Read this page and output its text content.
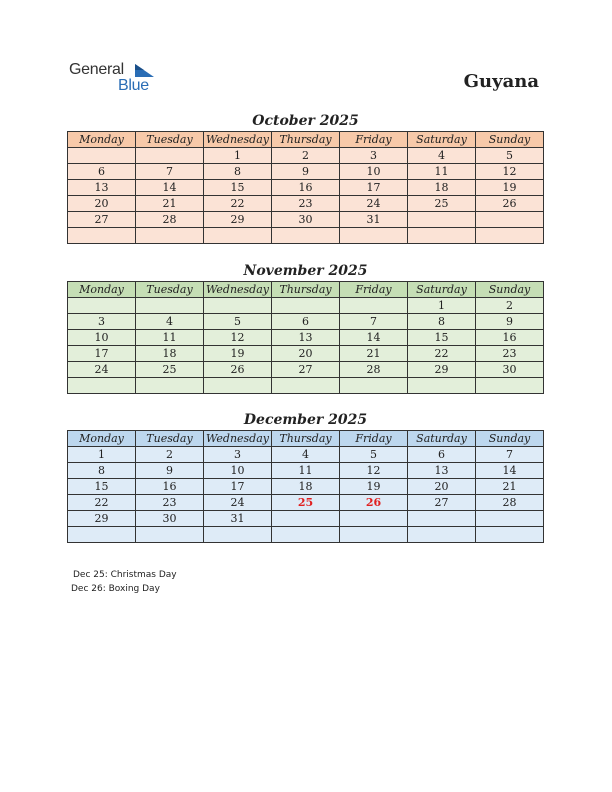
General
Blue	Guyana
October 2025
Monday	Tuesday	Wednesday	Thursday	Friday	Saturday	Sunday
		1	2	3	4	5
6	7	8	9	10	11	12
13	14	15	16	17	18	19
20	21	22	23	24	25	26
27	28	29	30	31		

November 2025
Monday	Tuesday	Wednesday	Thursday	Friday	Saturday	Sunday
					1	2
3	4	5	6	7	8	9
10	11	12	13	14	15	16
17	18	19	20	21	22	23
24	25	26	27	28	29	30

December 2025
Monday	Tuesday	Wednesday	Thursday	Friday	Saturday	Sunday
1	2	3	4	5	6	7
8	9	10	11	12	13	14
15	16	17	18	19	20	21
22	23	24	25	26	27	28
29	30	31				

Dec 25: Christmas Day
Dec 26: Boxing Day
